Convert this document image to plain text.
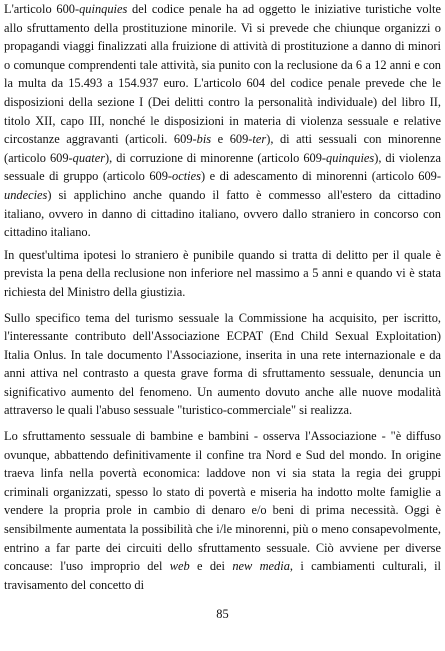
L'articolo 600-quinquies del codice penale ha ad oggetto le iniziative turistiche volte allo sfruttamento della prostituzione minorile. Vi si prevede che chiunque organizzi o propagandi viaggi finalizzati alla fruizione di attività di prostituzione a danno di minori o comunque comprendenti tale attività, sia punito con la reclusione da 6 a 12 anni e con la multa da 15.493 a 154.937 euro. L'articolo 604 del codice penale prevede che le disposizioni della sezione I (Dei delitti contro la personalità individuale) del libro II, titolo XII, capo III, nonché le disposizioni in materia di violenza sessuale e relative circostanze aggravanti (articoli. 609-bis e 609-ter), di atti sessuali con minorenne (articolo 609-quater), di corruzione di minorenne (articolo 609-quinquies), di violenza sessuale di gruppo (articolo 609-octies) e di adescamento di minorenni (articolo 609-undecies) si applichino anche quando il fatto è commesso all'estero da cittadino italiano, ovvero in danno di cittadino italiano, ovvero dallo straniero in concorso con cittadino italiano.

In quest'ultima ipotesi lo straniero è punibile quando si tratta di delitto per il quale è prevista la pena della reclusione non inferiore nel massimo a 5 anni e quando vi è stata richiesta del Ministro della giustizia.

Sullo specifico tema del turismo sessuale la Commissione ha acquisito, per iscritto, l'interessante contributo dell'Associazione ECPAT (End Child Sexual Exploitation) Italia Onlus. In tale documento l'Associazione, inserita in una rete internazionale e da anni attiva nel contrasto a questa grave forma di sfruttamento sessuale, denuncia un significativo aumento del fenomeno. Un aumento dovuto anche alle nuove modalità attraverso le quali l'abuso sessuale "turistico-commerciale" si realizza.

Lo sfruttamento sessuale di bambine e bambini - osserva l'Associazione - "è diffuso ovunque, abbattendo definitivamente il confine tra Nord e Sud del mondo. In origine traeva linfa nella povertà economica: laddove non vi sia stata la regia dei gruppi criminali organizzati, spesso lo stato di povertà e miseria ha indotto molte famiglie a vendere la propria prole in cambio di denaro e/o beni di prima necessità. Oggi è sensibilmente aumentata la possibilità che i/le minorenni, più o meno consapevolmente, entrino a far parte dei circuiti dello sfruttamento sessuale. Ciò avviene per diverse concause: l'uso improprio del web e dei new media, i cambiamenti culturali, il travisamento del concetto di

85
